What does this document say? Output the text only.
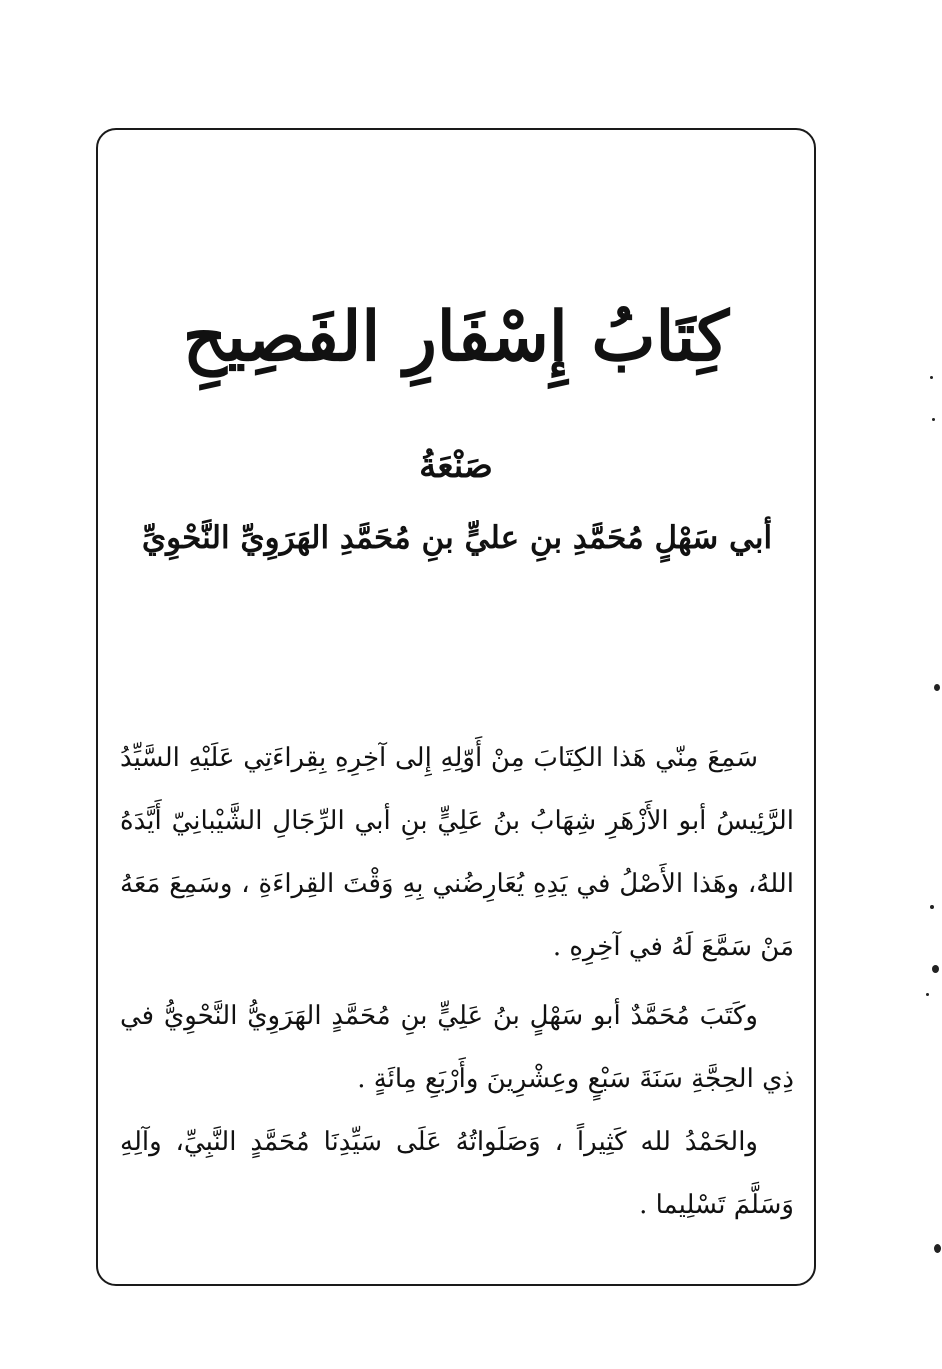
كِتَابُ إِسْفَارِ الفَصِيحِ
صَنْعَةُ
أبي سَهْلٍ مُحَمَّدِ بنِ عليٍّ بنِ مُحَمَّدِ الهَرَوِيِّ النَّحْوِيِّ
سَمِعَ مِنّي هَذا الكِتَابَ مِنْ أَوّلِهِ إِلى آخِرِهِ بِقِراءَتِي عَلَيْهِ السَّيِّدُ الرَّئِيسُ أبو الأَزْهَرِ شِهَابُ بنُ عَلِيٍّ بنِ أبي الرِّجَالِ الشَّيْبانِيّ أَيَّدَهُ اللهُ، وهَذا الأَصْلُ في يَدِهِ يُعَارِضُني بِهِ وَقْتَ القِراءَةِ ، وسَمِعَ مَعَهُ مَنْ سَمَّعَ لَهُ في آخِرِهِ .
وكَتَبَ مُحَمَّدٌ أبو سَهْلٍ بنُ عَلِيٍّ بنِ مُحَمَّدٍ الهَرَوِيُّ النَّحْوِيُّ في ذِي الحِجَّةِ سَنَةَ سَبْعٍ وعِشْرِينَ وأَرْبَعِ مِائَةٍ .
والحَمْدُ لله كَثِيراً ، وَصَلَواتُهُ عَلَى سَيِّدِنَا مُحَمَّدٍ النَّبِيِّ، وآلِهِ وَسَلَّمَ تَسْلِيما .
